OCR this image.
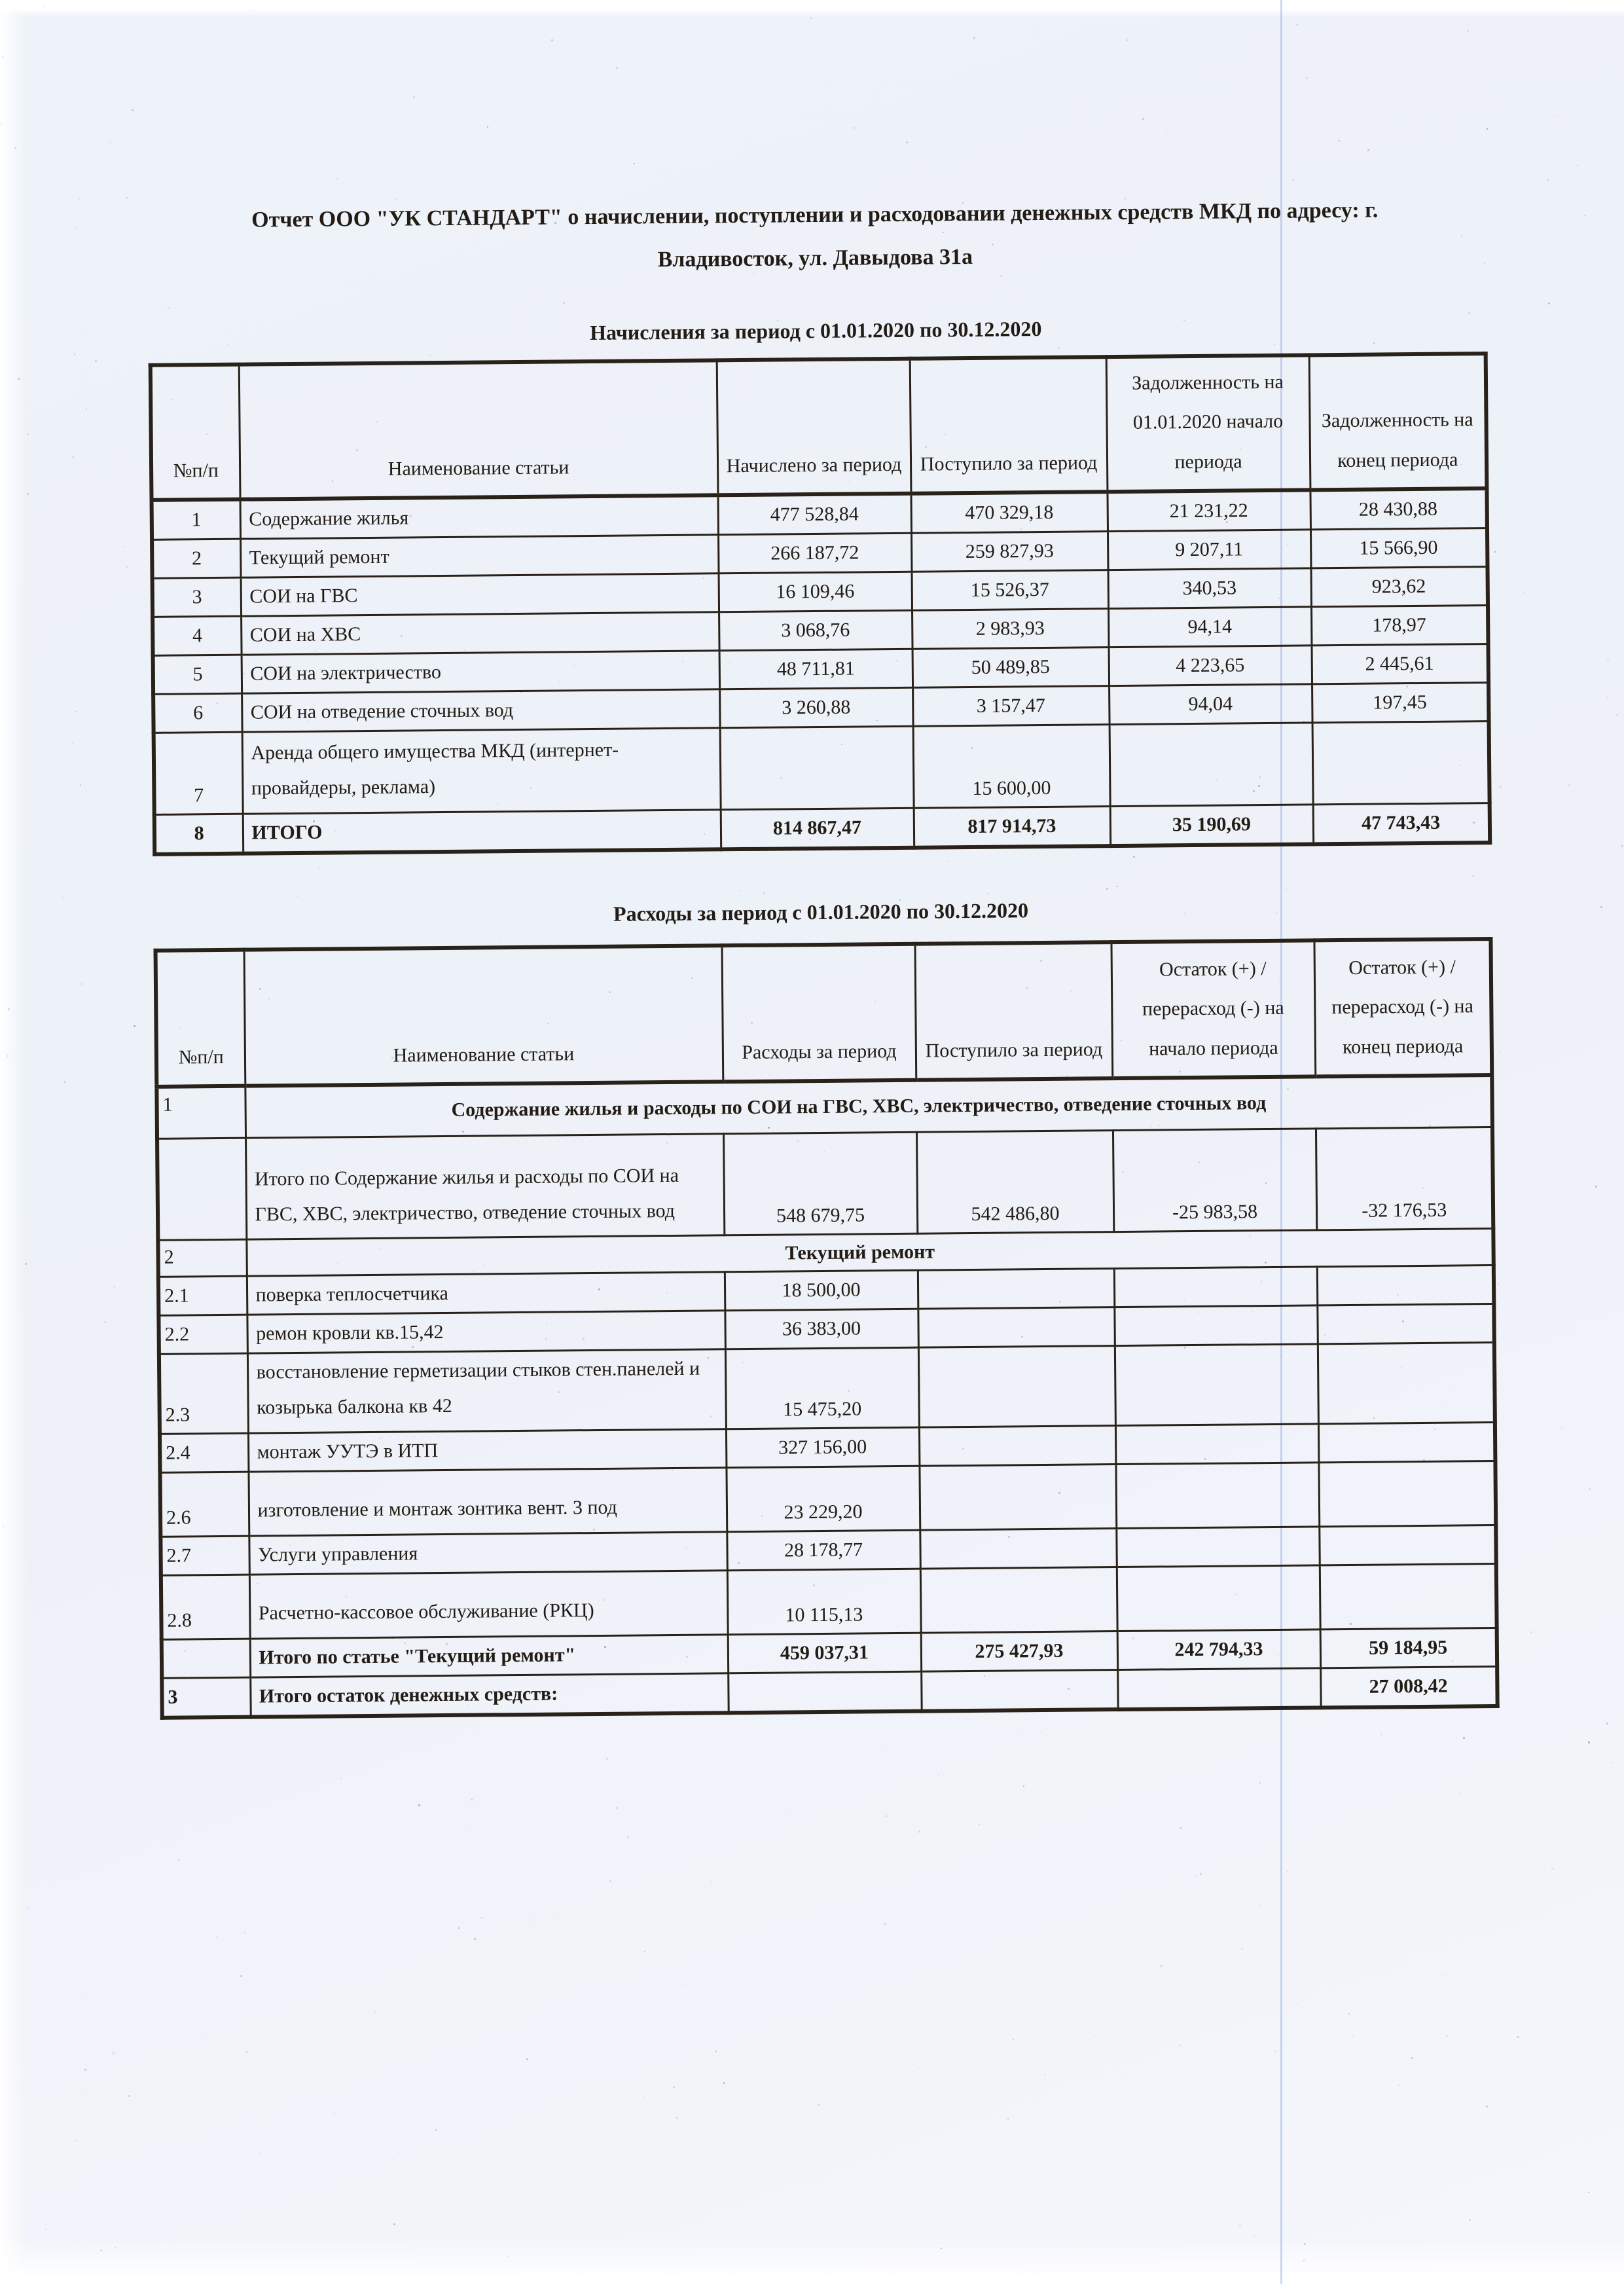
Отчет ООО "УК СТАНДАРТ" о начислении, поступлении и расходовании денежных средств МКД по адресу: г.
Владивосток, ул. Давыдова 31а
Начисления за период с 01.01.2020 по 30.12.2020
№п/п	Наименование статьи	Начислено за период	Поступило за период	Задолженность на 01.01.2020 начало периода	Задолженность на конец периода
1	Содержание жилья	477 528,84	470 329,18	21 231,22	28 430,88
2	Текущий ремонт	266 187,72	259 827,93	9 207,11	15 566,90
3	СОИ на ГВС	16 109,46	15 526,37	340,53	923,62
4	СОИ на ХВС	3 068,76	2 983,93	94,14	178,97
5	СОИ на электричество	48 711,81	50 489,85	4 223,65	2 445,61
6	СОИ на отведение сточных вод	3 260,88	3 157,47	94,04	197,45
7	Аренда общего имущества МКД (интернет-провайдеры, реклама)		15 600,00		
8	ИТОГО	814 867,47	817 914,73	35 190,69	47 743,43
Расходы за период с 01.01.2020 по 30.12.2020
№п/п	Наименование статьи	Расходы за период	Поступило за период	Остаток (+) / перерасход (-) на начало периода	Остаток (+) / перерасход (-) на конец периода
1	Содержание жилья и расходы по СОИ на ГВС, ХВС, электричество, отведение сточных вод				
	Итого по Содержание жилья и расходы по СОИ на ГВС, ХВС, электричество, отведение сточных вод	548 679,75	542 486,80	-25 983,58	-32 176,53
2	Текущий ремонт				
2.1	поверка теплосчетчика	18 500,00			
2.2	ремон кровли кв.15,42	36 383,00			
2.3	восстановление герметизации стыков стен.панелей и козырька балкона кв 42	15 475,20			
2.4	монтаж УУТЭ в ИТП	327 156,00			
2.6	изготовление и монтаж зонтика вент. 3 под	23 229,20			
2.7	Услуги управления	28 178,77			
2.8	Расчетно-кассовое обслуживание (РКЦ)	10 115,13			
	Итого по статье "Текущий ремонт"	459 037,31	275 427,93	242 794,33	59 184,95
3	Итого остаток денежных средств:				27 008,42
